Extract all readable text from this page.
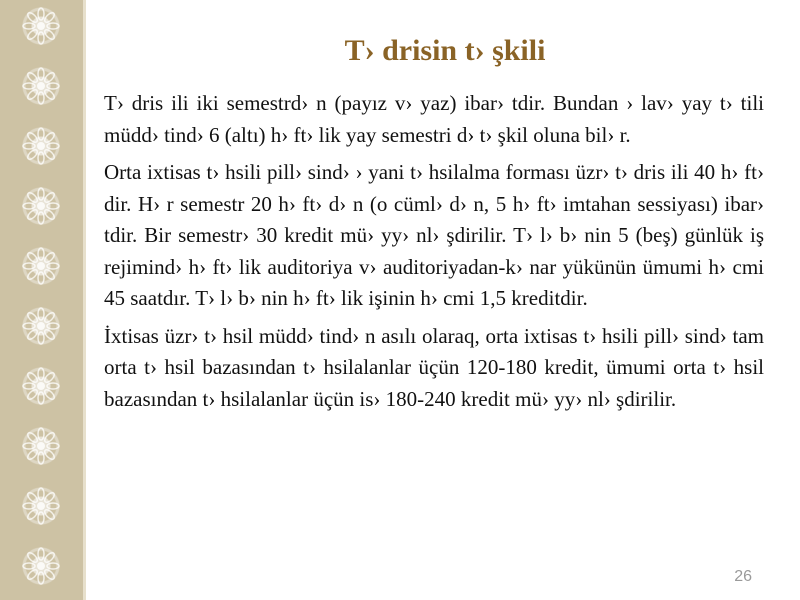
T› drisin t› şkili

T› dris ili iki semestrd› n (payız v› yaz) ibar› tdir. Bundan › lav› yay t› tili müdd› tind› 6 (altı) h› ft› lik yay semestri d› t› şkil oluna bil› r.

Orta ixtisas t› hsili pill› sind› › yani t› hsilalma forması üzr› t› dris ili 40 h› ft› dir. H› r semestr 20 h› ft› d› n (o cüml› d› n, 5 h› ft› imtahan sessiyası) ibar› tdir. Bir semestr› 30 kredit mü› yy› nl› şdirilir. T› l› b› nin 5 (beş) günlük iş rejimind› h› ft› lik auditoriya v› auditoriyadan-k› nar yükünün ümumi h› cmi 45 saatdır. T› l› b› nin h› ft› lik işinin h› cmi 1,5 kreditdir.

İxtisas üzr› t› hsil müdd› tind› n asılı olaraq, orta ixtisas t› hsili pill› sind› tam orta t› hsil bazasından t› hsilalanlar üçün 120-180 kredit, ümumi orta t› hsil bazasından t› hsilalanlar üçün is› 180-240 kredit mü› yy› nl› şdirilir.

26
